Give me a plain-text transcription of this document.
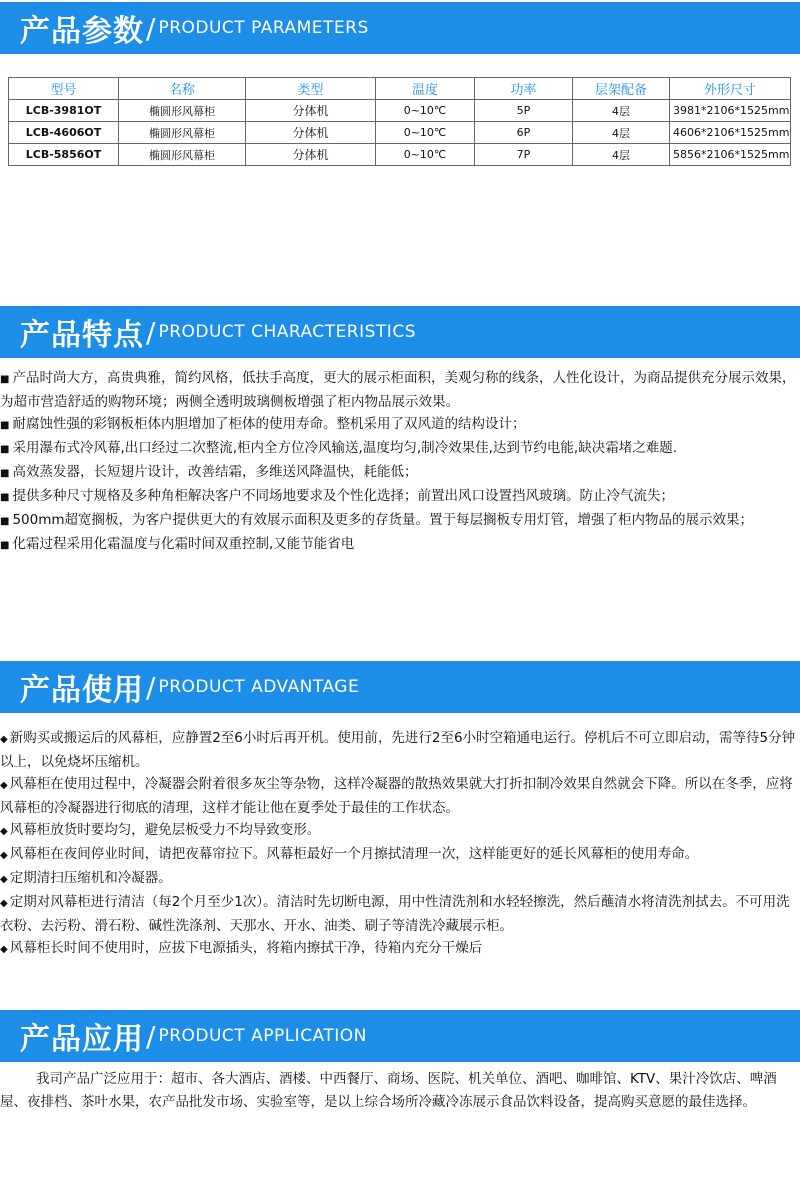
产品参数 / PRODUCT PARAMETERS
型号	名称	类型	温度	功率	层架配备	外形尺寸
LCB-3981OT	椭圆形风幕柜	分体机	0~10℃	5P	4层	3981*2106*1525mm
LCB-4606OT	椭圆形风幕柜	分体机	0~10℃	6P	4层	4606*2106*1525mm
LCB-5856OT	椭圆形风幕柜	分体机	0~10℃	7P	4层	5856*2106*1525mm
产品特点 / PRODUCT CHARACTERISTICS

■ 产品时尚大方，高贵典雅，简约风格，低扶手高度，更大的展示柜面积，美观匀称的线条，人性化设计，为商品提供充分展示效果，为超市营造舒适的购物环境；两侧全透明玻璃侧板增强了柜内物品展示效果。

■ 耐腐蚀性强的彩钢板柜体内胆增加了柜体的使用寿命。整机采用了双风道的结构设计；

■ 采用瀑布式冷风幕,出口经过二次整流,柜内全方位冷风输送,温度均匀,制冷效果佳,达到节约电能,缺决霜堵之难题.

■ 高效蒸发器，长短翅片设计，改善结霜，多维送风降温快，耗能低；

■ 提供多种尺寸规格及多种角柜解决客户不同场地要求及个性化选择；前置出风口设置挡风玻璃。防止冷气流失；

■ 500mm超宽搁板，为客户提供更大的有效展示面积及更多的存货量。置于每层搁板专用灯管，增强了柜内物品的展示效果；

■ 化霜过程采用化霜温度与化霜时间双重控制,又能节能省电

产品使用 / PRODUCT ADVANTAGE

◆ 新购买或搬运后的风幕柜，应静置2至6小时后再开机。使用前，先进行2至6小时空箱通电运行。停机后不可立即启动，需等待5分钟以上，以免烧坏压缩机。

◆ 风幕柜在使用过程中，冷凝器会附着很多灰尘等杂物，这样冷凝器的散热效果就大打折扣制冷效果自然就会下降。所以在冬季，应将风幕柜的冷凝器进行彻底的清理，这样才能让他在夏季处于最佳的工作状态。

◆ 风幕柜放货时要均匀，避免层板受力不均导致变形。

◆ 风幕柜在夜间停业时间，请把夜幕帘拉下。风幕柜最好一个月擦拭清理一次，这样能更好的延长风幕柜的使用寿命。

◆ 定期清扫压缩机和冷凝器。

◆ 定期对风幕柜进行清洁（每2个月至少1次）。清洁时先切断电源，用中性清洗剂和水轻轻擦洗，然后蘸清水将清洗剂拭去。不可用洗衣粉、去污粉、滑石粉、碱性洗涤剂、天那水、开水、油类、刷子等清洗冷藏展示柜。

◆ 风幕柜长时间不使用时，应拔下电源插头，将箱内擦拭干净，待箱内充分干燥后

产品应用 / PRODUCT APPLICATION

我司产品广泛应用于：超市、各大酒店、酒楼、中西餐厅、商场、医院、机关单位、酒吧、咖啡馆、KTV、果汁冷饮店、啤酒屋、夜排档、茶叶水果，农产品批发市场、实验室等，是以上综合场所冷藏冷冻展示食品饮料设备，提高购买意愿的最佳选择。
